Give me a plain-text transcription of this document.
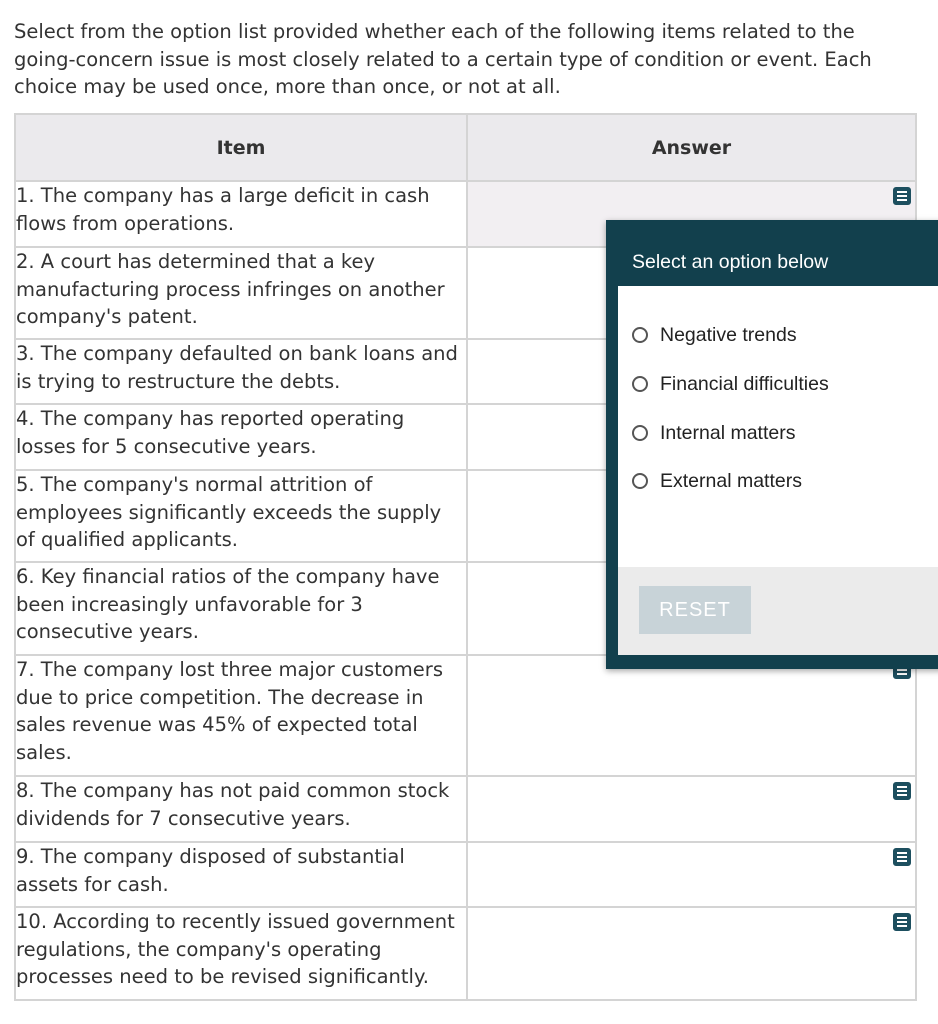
Select from the option list provided whether each of the following items related to the going-concern issue is most closely related to a certain type of condition or event. Each choice may be used once, more than once, or not at all.
Item	Answer
1. The company has a large deficit in cash flows from operations.	

2. A court has determined that a key manufacturing process infringes on another company's patent.	

3. The company defaulted on bank loans and is trying to restructure the debts.	

4. The company has reported operating losses for 5 consecutive years.	

5. The company's normal attrition of employees significantly exceeds the supply of qualified applicants.	

6. Key financial ratios of the company have been increasingly unfavorable for 3 consecutive years.	

7. The company lost three major customers due to price competition. The decrease in sales revenue was 45% of expected total sales.	

8. The company has not paid common stock dividends for 7 consecutive years.	

9. The company disposed of substantial assets for cash.	

10. According to recently issued government regulations, the company's operating processes need to be revised significantly.	
Select an option below
Negative trends
Financial difficulties
Internal matters
External matters
RESET
